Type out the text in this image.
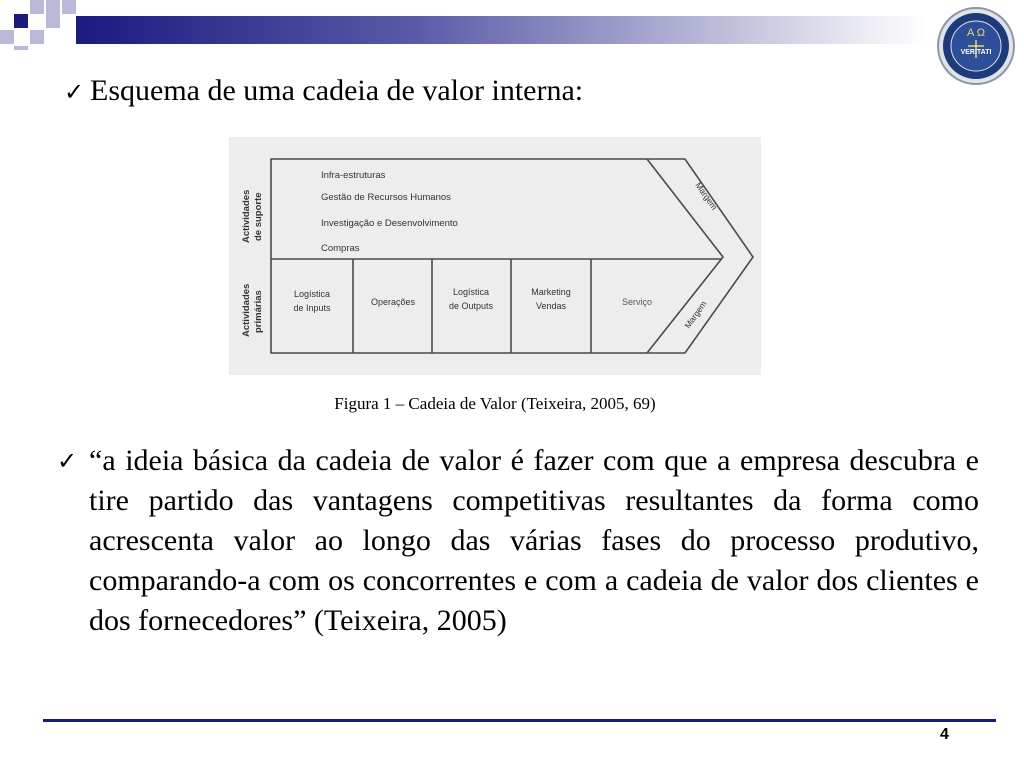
Α Ω
VERITATI
✓ Esquema de uma cadeia de valor interna:
Actividades de suporte
Actividades primárias
Infra-estruturas
Gestão de Recursos Humanos
Investigação e Desenvolvimento
Compras
Logística
de Inputs
Operações
Logística
de Outputs
Marketing
Vendas	Serviço
Margem
Margem
Figura 1 – Cadeia de Valor (Teixeira, 2005, 69)
✓ “a ideia básica da cadeia de valor é fazer com que a empresa descubra e tire partido das vantagens competitivas resultantes da forma como acrescenta valor ao longo das várias fases do processo produtivo, comparando-a com os concorrentes e com a cadeia de valor dos clientes e dos fornecedores” (Teixeira, 2005)
4
